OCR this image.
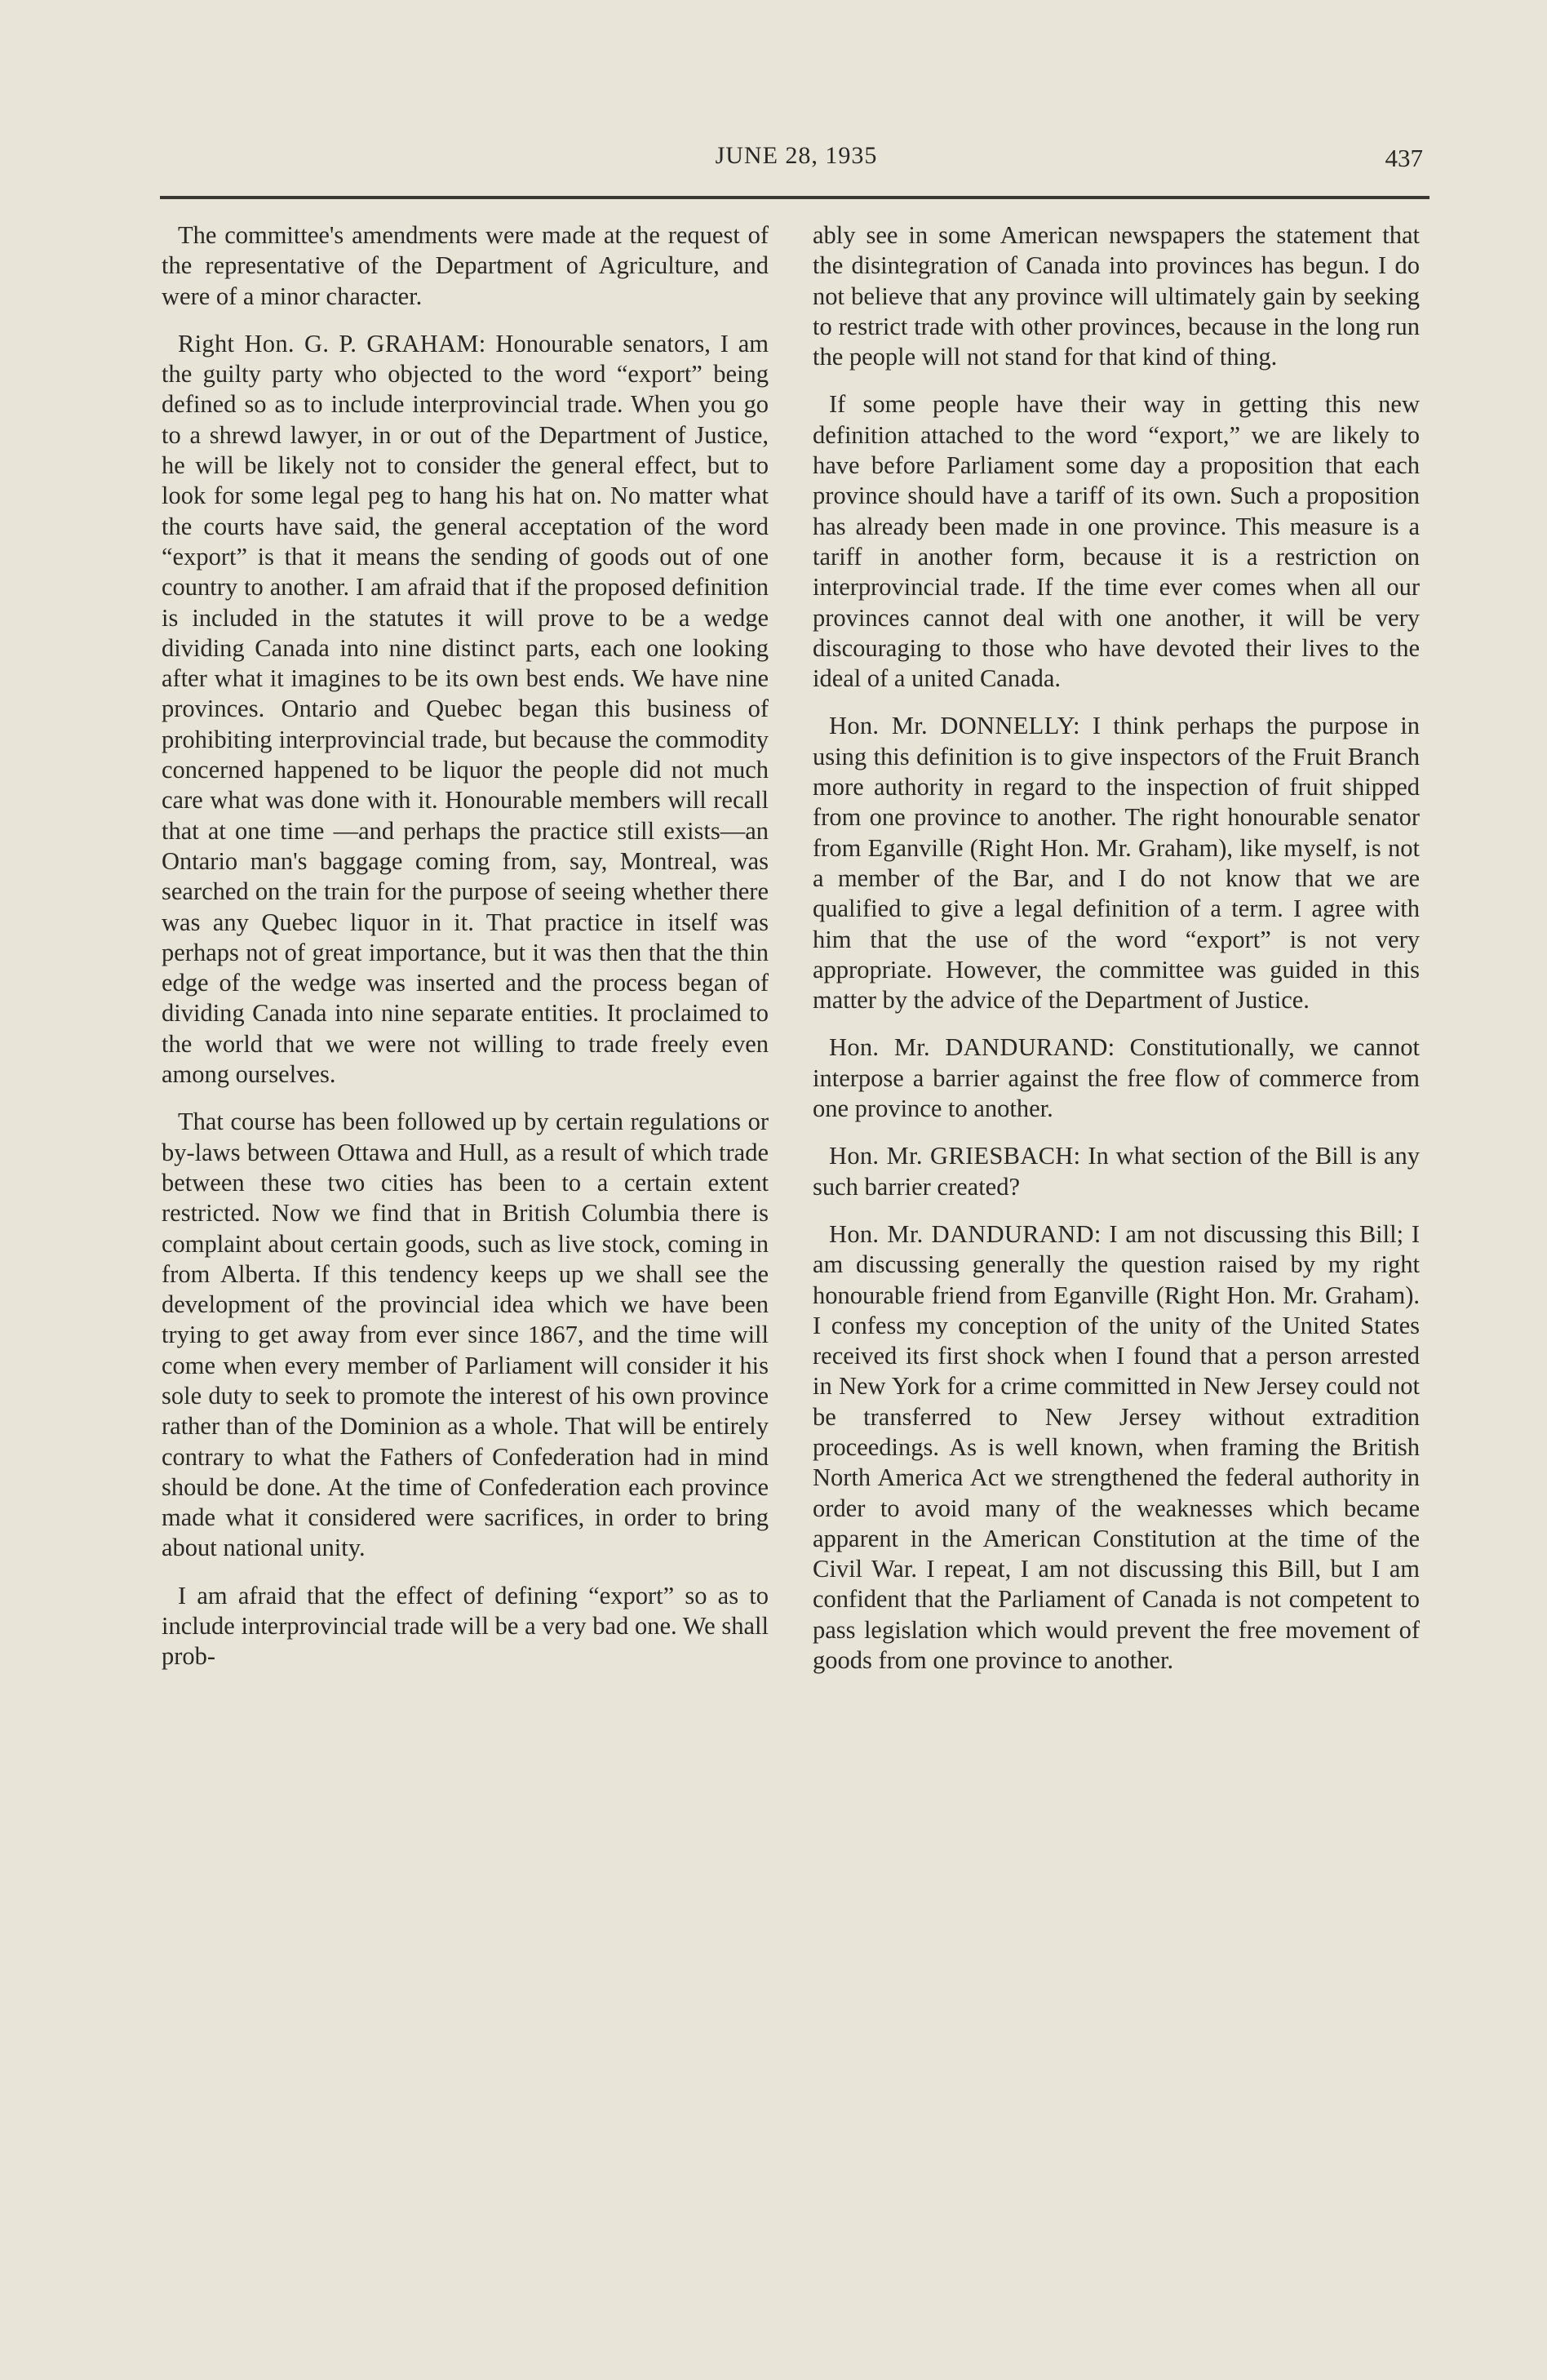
JUNE 28, 1935	437

The committee's amendments were made at the request of the representative of the Department of Agriculture, and were of a minor character.

Right Hon. G. P. GRAHAM: Honourable senators, I am the guilty party who objected to the word “export” being defined so as to include interprovincial trade. When you go to a shrewd lawyer, in or out of the Department of Justice, he will be likely not to consider the general effect, but to look for some legal peg to hang his hat on. No matter what the courts have said, the general acceptation of the word “export” is that it means the sending of goods out of one country to another. I am afraid that if the proposed definition is included in the statutes it will prove to be a wedge dividing Canada into nine distinct parts, each one looking after what it imagines to be its own best ends. We have nine provinces. Ontario and Quebec began this business of prohibiting interprovincial trade, but because the commodity concerned happened to be liquor the people did not much care what was done with it. Honourable members will recall that at one time —and perhaps the practice still exists—an Ontario man's baggage coming from, say, Montreal, was searched on the train for the purpose of seeing whether there was any Quebec liquor in it. That practice in itself was perhaps not of great importance, but it was then that the thin edge of the wedge was inserted and the process began of dividing Canada into nine separate entities. It proclaimed to the world that we were not willing to trade freely even among ourselves.

That course has been followed up by certain regulations or by-laws between Ottawa and Hull, as a result of which trade between these two cities has been to a certain extent restricted. Now we find that in British Columbia there is complaint about certain goods, such as live stock, coming in from Alberta. If this tendency keeps up we shall see the development of the provincial idea which we have been trying to get away from ever since 1867, and the time will come when every member of Parliament will consider it his sole duty to seek to promote the interest of his own province rather than of the Dominion as a whole. That will be entirely contrary to what the Fathers of Confederation had in mind should be done. At the time of Confederation each province made what it considered were sacrifices, in order to bring about national unity.

I am afraid that the effect of defining “export” so as to include interprovincial trade will be a very bad one. We shall prob-

ably see in some American newspapers the statement that the disintegration of Canada into provinces has begun. I do not believe that any province will ultimately gain by seeking to restrict trade with other provinces, because in the long run the people will not stand for that kind of thing.

If some people have their way in getting this new definition attached to the word “export,” we are likely to have before Parliament some day a proposition that each province should have a tariff of its own. Such a proposition has already been made in one province. This measure is a tariff in another form, because it is a restriction on interprovincial trade. If the time ever comes when all our provinces cannot deal with one another, it will be very discouraging to those who have devoted their lives to the ideal of a united Canada.

Hon. Mr. DONNELLY: I think perhaps the purpose in using this definition is to give inspectors of the Fruit Branch more authority in regard to the inspection of fruit shipped from one province to another. The right honourable senator from Eganville (Right Hon. Mr. Graham), like myself, is not a member of the Bar, and I do not know that we are qualified to give a legal definition of a term. I agree with him that the use of the word “export” is not very appropriate. However, the committee was guided in this matter by the advice of the Department of Justice.

Hon. Mr. DANDURAND: Constitutionally, we cannot interpose a barrier against the free flow of commerce from one province to another.

Hon. Mr. GRIESBACH: In what section of the Bill is any such barrier created?

Hon. Mr. DANDURAND: I am not discussing this Bill; I am discussing generally the question raised by my right honourable friend from Eganville (Right Hon. Mr. Graham). I confess my conception of the unity of the United States received its first shock when I found that a person arrested in New York for a crime committed in New Jersey could not be transferred to New Jersey without extradition proceedings. As is well known, when framing the British North America Act we strengthened the federal authority in order to avoid many of the weaknesses which became apparent in the American Constitution at the time of the Civil War. I repeat, I am not discussing this Bill, but I am confident that the Parliament of Canada is not competent to pass legislation which would prevent the free movement of goods from one province to another.
